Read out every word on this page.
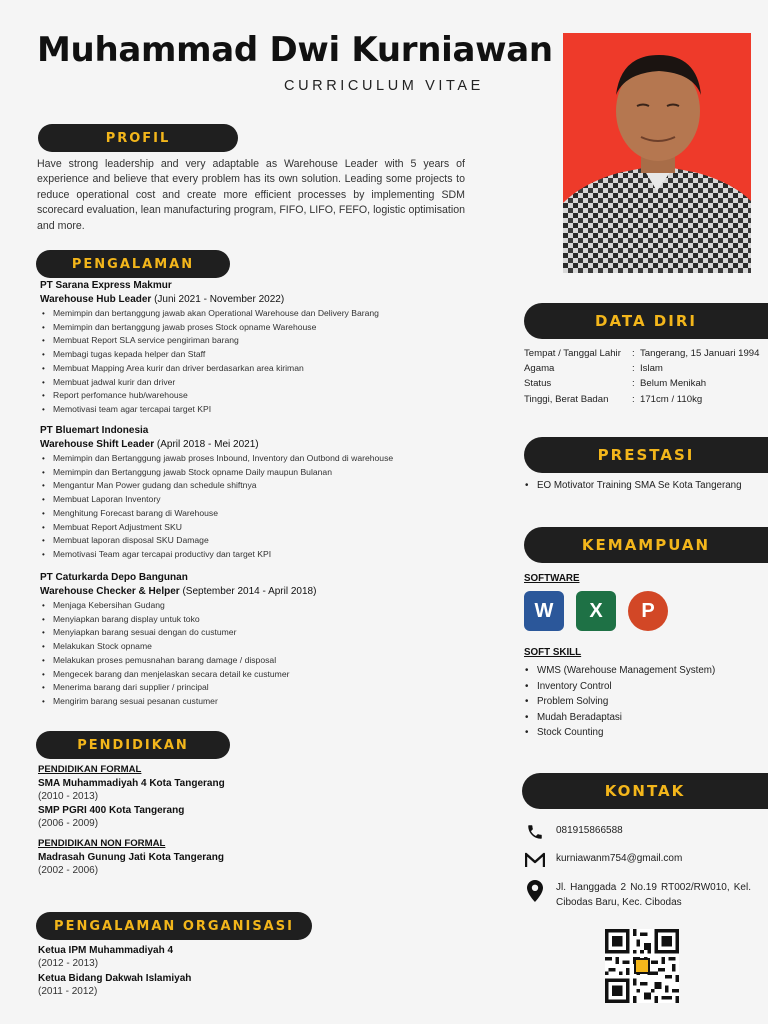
Muhammad Dwi Kurniawan
CURRICULUM VITAE
PROFIL
Have strong leadership and very adaptable as Warehouse Leader with 5 years of experience and believe that every problem has its own solution. Leading some projects to reduce operational cost and create more efficient processes by implementing SDM scorecard evaluation, lean manufacturing program, FIFO, LIFO, FEFO, logistic optimisation and more.
PENGALAMAN
PT Sarana Express Makmur
Warehouse Hub Leader (Juni 2021 - November 2022)
• Memimpin dan bertanggung jawab akan Operational Warehouse dan Delivery Barang
• Memimpin dan bertanggung jawab proses Stock opname Warehouse
• Membuat Report SLA service pengiriman barang
• Membagi tugas kepada helper dan Staff
• Membuat Mapping Area kurir dan driver berdasarkan area kiriman
• Membuat jadwal kurir dan driver
• Report perfomance hub/warehouse
• Memotivasi team agar tercapai target KPI
PT Bluemart Indonesia
Warehouse Shift Leader (April 2018 - Mei 2021)
• Memimpin dan Bertanggung jawab proses Inbound, Inventory dan Outbond di warehouse
• Memimpin dan Bertanggung jawab Stock opname Daily maupun Bulanan
• Mengantur Man Power gudang dan schedule shiftnya
• Membuat Laporan Inventory
• Menghitung Forecast barang di Warehouse
• Membuat Report Adjustment SKU
• Membuat laporan disposal SKU Damage
• Memotivasi Team agar tercapai productivy dan target KPI
PT Caturkarda Depo Bangunan
Warehouse Checker & Helper (September 2014 - April 2018)
• Menjaga Kebersihan Gudang
• Menyiapkan barang display untuk toko
• Menyiapkan barang sesuai dengan do custumer
• Melakukan Stock opname
• Melakukan proses pemusnahan barang damage / disposal
• Mengecek barang dan menjelaskan secara detail ke custumer
• Menerima barang dari supplier / principal
• Mengirim barang sesuai pesanan custumer
PENDIDIKAN
PENDIDIKAN FORMAL
SMA Muhammadiyah 4 Kota Tangerang
(2010 - 2013)
SMP PGRI 400 Kota Tangerang
(2006 - 2009)
PENDIDIKAN NON FORMAL
Madrasah Gunung Jati Kota Tangerang
(2002 - 2006)
PENGALAMAN ORGANISASI
Ketua IPM Muhammadiyah 4
(2012 - 2013)
Ketua Bidang Dakwah Islamiyah
(2011 - 2012)
DATA DIRI
Tempat / Tanggal Lahir	: Tangerang, 15 Januari 1994
Agama	: Islam
Status	: Belum Menikah
Tinggi, Berat Badan	: 171cm / 110kg
PRESTASI
• EO Motivator Training SMA Se Kota Tangerang
KEMAMPUAN
SOFTWARE
W	X	P
SOFT SKILL
• WMS (Warehouse Management System)
• Inventory Control
• Problem Solving
• Mudah Beradaptasi
• Stock Counting
KONTAK
081915866588
kurniawanm754@gmail.com
Jl. Hanggada 2 No.19 RT002/RW010, Kel. Cibodas Baru, Kec. Cibodas
